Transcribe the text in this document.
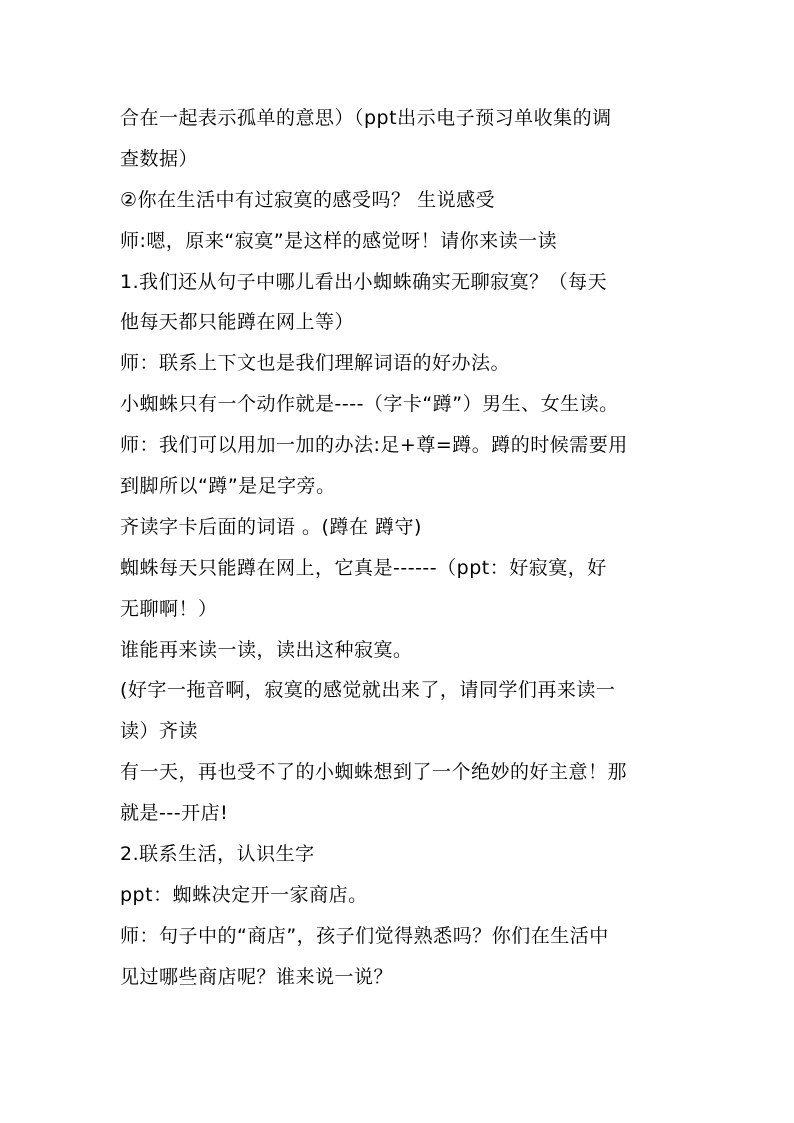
合在一起表示孤单的意思）（ppt出示电子预习单收集的调
查数据）
②你在生活中有过寂寞的感受吗？ 生说感受
师:嗯，原来“寂寞”是这样的感觉呀！请你来读一读
1.我们还从句子中哪儿看出小蜘蛛确实无聊寂寞？（每天
他每天都只能蹲在网上等）
师：联系上下文也是我们理解词语的好办法。
小蜘蛛只有一个动作就是----（字卡“蹲”）男生、女生读。
师：我们可以用加一加的办法:足+尊=蹲。蹲的时候需要用
到脚所以“蹲”是足字旁。
齐读字卡后面的词语 。(蹲在 蹲守)
蜘蛛每天只能蹲在网上，它真是------（ppt：好寂寞，好
无聊啊！）
谁能再来读一读，读出这种寂寞。
(好字一拖音啊，寂寞的感觉就出来了，请同学们再来读一
读）齐读
有一天，再也受不了的小蜘蛛想到了一个绝妙的好主意！那
就是---开店!
2.联系生活，认识生字
ppt：蜘蛛决定开一家商店。
师：句子中的“商店”，孩子们觉得熟悉吗？你们在生活中
见过哪些商店呢？谁来说一说？
